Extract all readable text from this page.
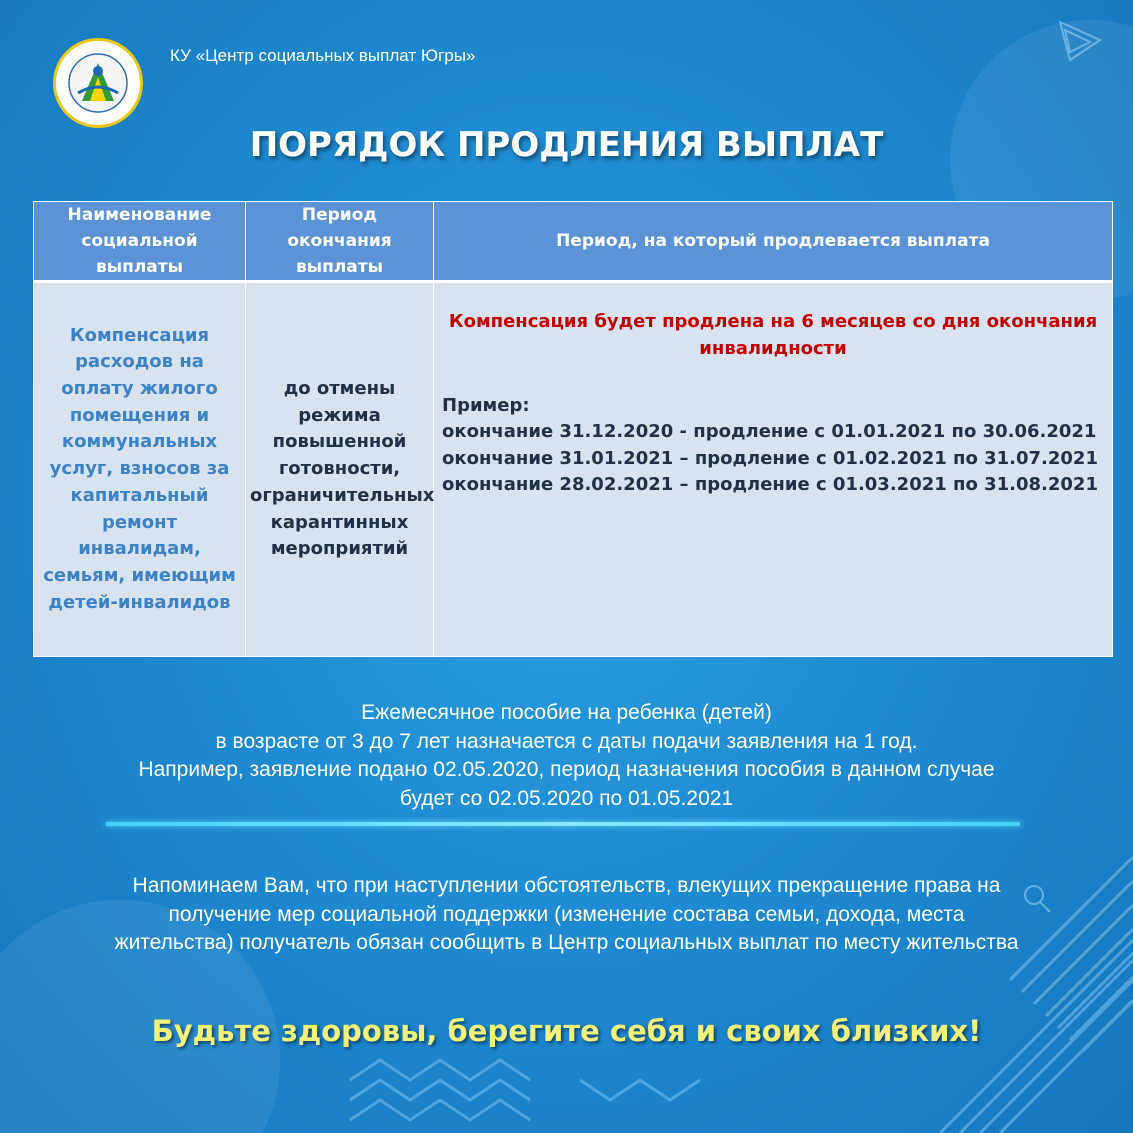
КУ «Центр социальных выплат Югры»
ПОРЯДОК ПРОДЛЕНИЯ ВЫПЛАТ
Наименование социальной выплаты	Период окончания выплаты	Период, на который продлевается выплата
Компенсация расходов на оплату жилого помещения и коммунальных услуг, взносов за капитальный ремонт инвалидам, семьям, имеющим детей-инвалидов	до отмены режима повышенной готовности, ограничительных карантинных мероприятий	Компенсация будет продлена на 6 месяцев со дня окончания инвалидности
Пример:
окончание 31.12.2020 - продление с 01.01.2021 по 30.06.2021
окончание 31.01.2021 – продление с 01.02.2021 по 31.07.2021
окончание 28.02.2021 – продление с 01.03.2021 по 31.08.2021
Ежемесячное пособие на ребенка (детей)
в возрасте от 3 до 7 лет назначается с даты подачи заявления на 1 год.
Например, заявление подано 02.05.2020, период назначения пособия в данном случае
будет со 02.05.2020 по 01.05.2021
Напоминаем Вам, что при наступлении обстоятельств, влекущих прекращение права на
получение мер социальной поддержки (изменение состава семьи, дохода, места
жительства) получатель обязан сообщить в Центр социальных выплат по месту жительства
Будьте здоровы, берегите себя и своих близких!
